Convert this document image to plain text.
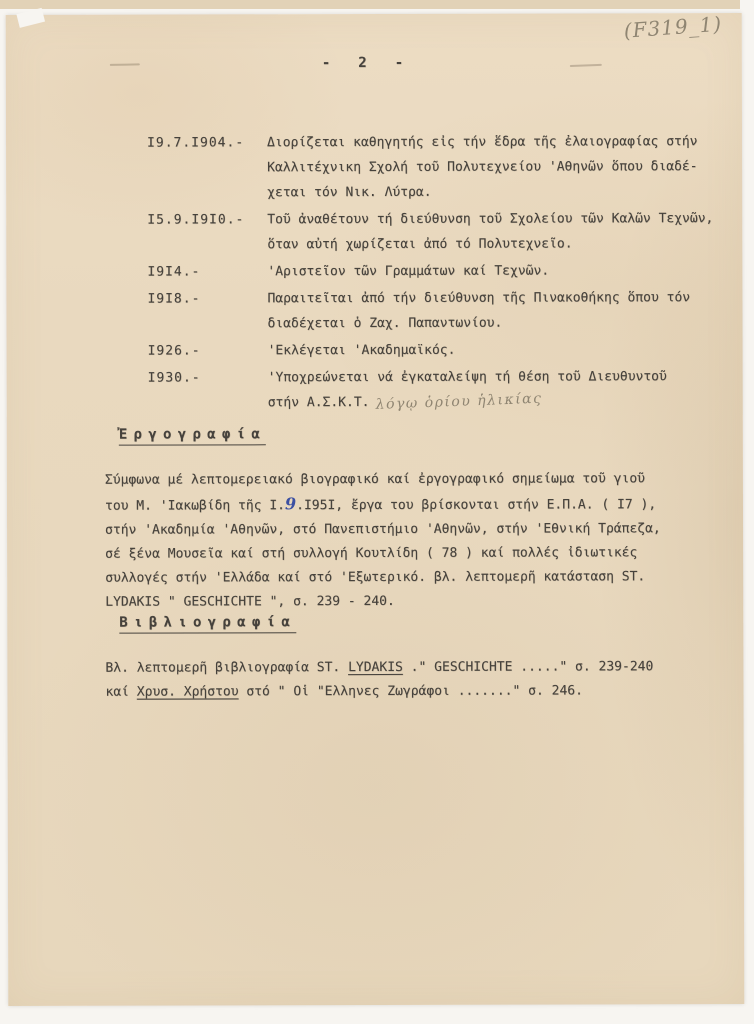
(F319_1)
- 2 -
I9.7.I904.-	Διορίζεται καθηγητής εἰς τήν ἕδρα τῆς ἐλαιογραφίας στήν
Καλλιτέχνικη Σχολή τοῦ Πολυτεχνείου 'Αθηνῶν ὅπου διαδέ-
χεται τόν Νικ. Λύτρα.
I5.9.I9I0.-	Τοῦ ἀναθέτουν τή διεύθυνση τοῦ Σχολείου τῶν Καλῶν Τεχνῶν,
ὅταν αὐτή χωρίζεται ἀπό τό Πολυτεχνεῖο.
I9I4.-	'Αριστεῖον τῶν Γραμμάτων καί Τεχνῶν.
I9I8.-	Παραιτεῖται ἀπό τήν διεύθυνση τῆς Πινακοθήκης ὅπου τόν
διαδέχεται ὁ Ζαχ. Παπαντωνίου.
I926.-	'Εκλέγεται 'Ακαδημαϊκός.
I930.-	'Υποχρεώνεται νά ἐγκαταλείψη τή θέση τοῦ Διευθυντοῦ
στήν Α.Σ.Κ.Τ. λόγῳ ὁρίου ἡλικίας
Ἐργογραφία
Σύμφωνα μέ λεπτομερειακό βιογραφικό καί ἐργογραφικό σημείωμα τοῦ γιοῦ
του Μ. 'Ιακωβίδη τῆς Ι.9.Ι95Ι, ἔργα του βρίσκονται στήν Ε.Π.Α. ( Ι7 ),
στήν 'Ακαδημία 'Αθηνῶν, στό Πανεπιστήμιο 'Αθηνῶν, στήν 'Εθνική Τράπεζα,
σέ ξένα Μουσεῖα καί στή συλλογή Κουτλίδη ( 78 ) καί πολλές ἰδιωτικές
συλλογές στήν 'Ελλάδα καί στό 'Εξωτερικό. βλ. λεπτομερῆ κατάσταση ST.
LYDAKIS " GESCHICHTE ", σ. 239 - 240.
Βιβλιογραφία
Βλ. λεπτομερῆ βιβλιογραφία ST. LYDAKIS ." GESCHICHTE ....." σ. 239-240
καί Χρυσ. Χρήστου στό " Οἱ "Ελληνες Ζωγράφοι ......." σ. 246.
